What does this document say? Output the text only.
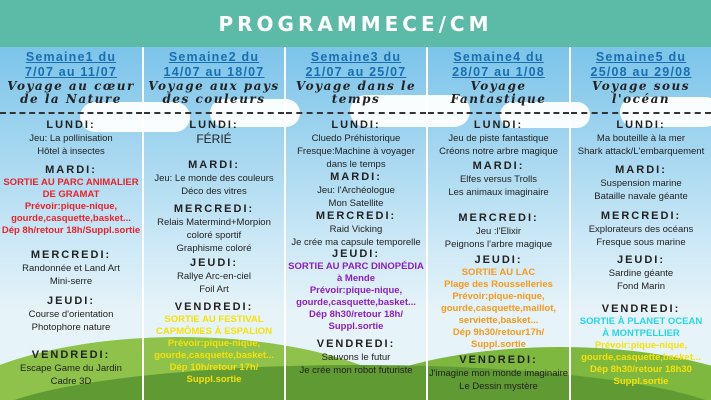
PROGRAMMECE/CM
Semaine1 du
7/07 au 11/07
Voyage au cœur
de la Nature
LUNDI:
Jeu: La pollinisation
Hôtel à insectes
MARDI:
SORTIE AU PARC ANIMALIER
DE GRAMAT
Prévoir:pique-nique,
gourde,casquette,basket...
Dép 8h/retour 18h/Suppl.sortie
MERCREDI:
Randonnée et Land Art
Mini-serre
JEUDI:
Course d'orientation
Photophore nature
VENDREDI:
Escape Game du Jardin
Cadre 3D
Semaine2 du
14/07 au 18/07
Voyage aux pays
des couleurs
LUNDI:
FÉRIÉ
MARDI:
Jeu: Le monde des couleurs
Déco des vitres
MERCREDI:
Relais Matermind+Morpion
coloré sportif
Graphisme coloré
JEUDI:
Rallye Arc-en-ciel
Foil Art
VENDREDI:
SORTIE AU FESTIVAL
CAPMÔMES À ESPALION
Prévoir:pique-nique,
gourde,casquette,basket...
Dép 10h/retour 17h/
Suppl.sortie
Semaine3 du
21/07 au 25/07
Voyage dans le
temps
LUNDI:
Cluedo Préhistorique
Fresque:Machine à voyager
dans le temps
MARDI:
Jeu: l'Archéologue
Mon Satellite
MERCREDI:
Raid Vicking
Je crée ma capsule temporelle
JEUDI:
SORTIE AU PARC DINOPÉDIA
à Mende
Prévoir:pique-nique,
gourde,casquette,basket...
Dép 8h30/retour 18h/
Suppl.sortie
VENDREDI:
Sauvons le futur
Je crée mon robot futuriste
Semaine4 du
28/07 au 1/08
Voyage
Fantastique
LUNDI:
Jeu de piste fantastique
Créons notre arbre magique
MARDI:
Elfes versus Trolls
Les animaux imaginaire
MERCREDI:
Jeu :l'Elixir
Peignons l'arbre magique
JEUDI:
SORTIE AU LAC
Plage des Rousselleries
Prévoir:pique-nique,
gourde,casquette,maillot,
serviette,basket...
Dép 9h30/retour17h/
Suppl.sortie
VENDREDI:
J'imagine mon monde imaginaire
Le Dessin mystère
Semaine5 du
25/08 au 29/08
Voyage sous
l'océan
LUNDI:
Ma bouteille à la mer
Shark attack/L'embarquement
MARDI:
Suspension marine
Bataille navale géante
MERCREDI:
Explorateurs des océans
Fresque sous marine
JEUDI:
Sardine géante
Fond Marin
VENDREDI:
SORTIE À PLANET OCEAN
À MONTPELLIER
Prévoir:pique-nique,
gourde,casquette,basket...
Dép 8h30/retour 18h30
Suppl.sortie
